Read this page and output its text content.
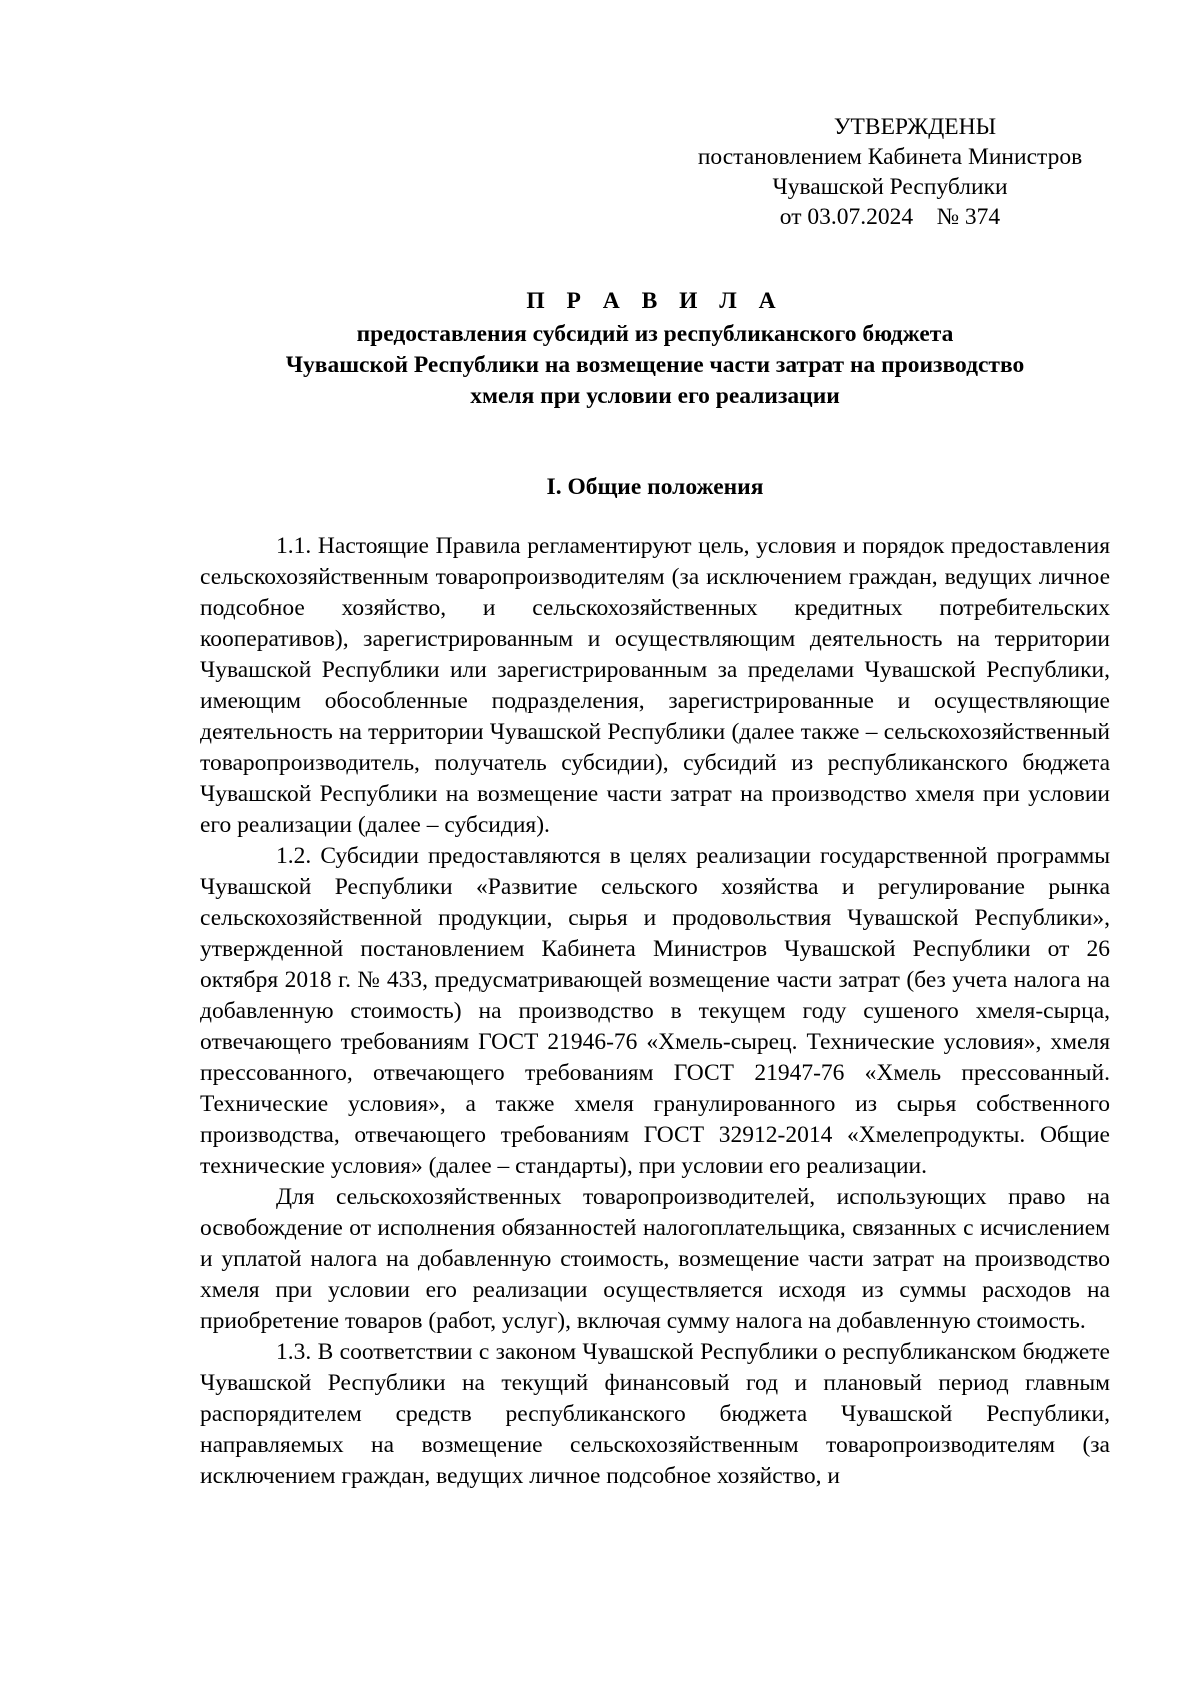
УТВЕРЖДЕНЫ
постановлением Кабинета Министров
Чувашской Республики
от 03.07.2024    № 374
П Р А В И Л А
предоставления субсидий из республиканского бюджета
Чувашской Республики на возмещение части затрат на производство
хмеля при условии его реализации
I. Общие положения

1.1. Настоящие Правила регламентируют цель, условия и порядок предоставления сельскохозяйственным товаропроизводителям (за исключением граждан, ведущих личное подсобное хозяйство, и сельскохозяйственных кредитных потребительских кооперативов), зарегистрированным и осуществляющим деятельность на территории Чувашской Республики или зарегистрированным за пределами Чувашской Республики, имеющим обособленные подразделения, зарегистрированные и осуществляющие деятельность на территории Чувашской Республики (далее также – сельскохозяйственный товаропроизводитель, получатель субсидии), субсидий из республиканского бюджета Чувашской Республики на возмещение части затрат на производство хмеля при условии его реализации (далее – субсидия).

1.2. Субсидии предоставляются в целях реализации государственной программы Чувашской Республики «Развитие сельского хозяйства и регулирование рынка сельскохозяйственной продукции, сырья и продовольствия Чувашской Республики», утвержденной постановлением Кабинета Министров Чувашской Республики от 26 октября 2018 г. № 433, предусматривающей возмещение части затрат (без учета налога на добавленную стоимость) на производство в текущем году сушеного хмеля-сырца, отвечающего требованиям ГОСТ 21946-76 «Хмель-сырец. Технические условия», хмеля прессованного, отвечающего требованиям ГОСТ 21947-76 «Хмель прессованный. Технические условия», а также хмеля гранулированного из сырья собственного производства, отвечающего требованиям ГОСТ 32912-2014 «Хмелепродукты. Общие технические условия» (далее – стандарты), при условии его реализации.

Для сельскохозяйственных товаропроизводителей, использующих право на освобождение от исполнения обязанностей налогоплательщика, связанных с исчислением и уплатой налога на добавленную стоимость, возмещение части затрат на производство хмеля при условии его реализации осуществляется исходя из суммы расходов на приобретение товаров (работ, услуг), включая сумму налога на добавленную стоимость.

1.3. В соответствии с законом Чувашской Республики о республиканском бюджете Чувашской Республики на текущий финансовый год и плановый период главным распорядителем средств республиканского бюджета Чувашской Республики, направляемых на возмещение сельскохозяйственным товаропроизводителям (за исключением граждан, ведущих личное подсобное хозяйство, и
